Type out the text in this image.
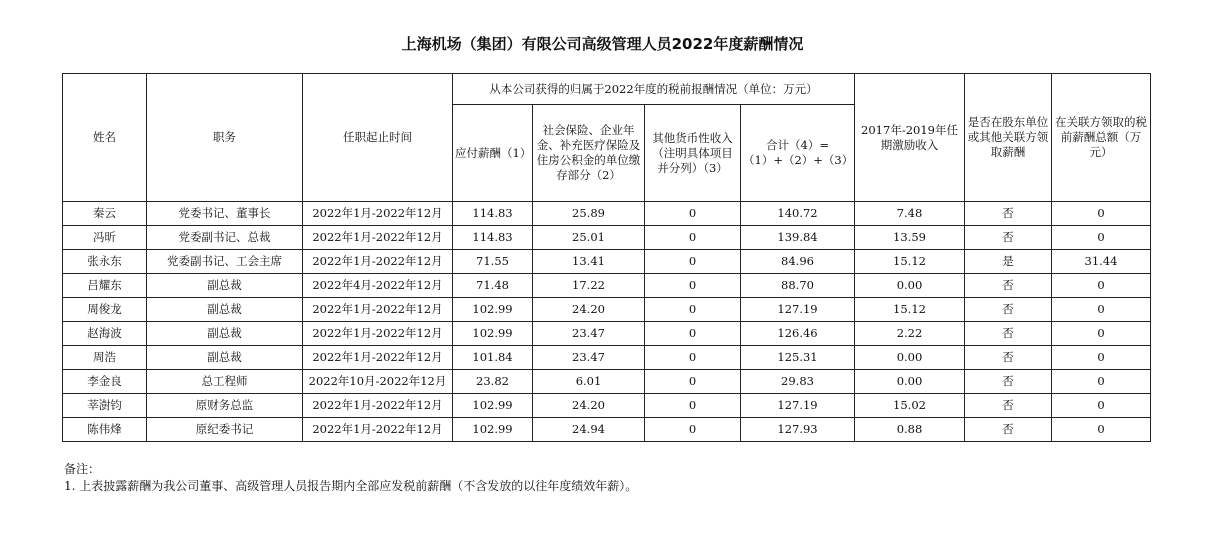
上海机场（集团）有限公司高级管理人员2022年度薪酬情况
姓名	职务	任职起止时间	从本公司获得的归属于2022年度的税前报酬情况（单位：万元）				2017年-2019年任期激励收入	是否在股东单位或其他关联方领取薪酬	在关联方领取的税前薪酬总额（万元）
			应付薪酬（1）	社会保险、企业年金、补充医疗保险及住房公积金的单位缴存部分（2）	其他货币性收入（注明具体项目并分列）（3）	合计（4）=（1）+（2）+（3）			
秦云	党委书记、董事长	2022年1月-2022年12月	114.83	25.89	0	140.72	7.48	否	0
冯昕	党委副书记、总裁	2022年1月-2022年12月	114.83	25.01	0	139.84	13.59	否	0
张永东	党委副书记、工会主席	2022年1月-2022年12月	71.55	13.41	0	84.96	15.12	是	31.44
吕耀东	副总裁	2022年4月-2022年12月	71.48	17.22	0	88.70	0.00	否	0
周俊龙	副总裁	2022年1月-2022年12月	102.99	24.20	0	127.19	15.12	否	0
赵海波	副总裁	2022年1月-2022年12月	102.99	23.47	0	126.46	2.22	否	0
周浩	副总裁	2022年1月-2022年12月	101.84	23.47	0	125.31	0.00	否	0
李金良	总工程师	2022年10月-2022年12月	23.82	6.01	0	29.83	0.00	否	0
莘澍钧	原财务总监	2022年1月-2022年12月	102.99	24.20	0	127.19	15.02	否	0
陈伟烽	原纪委书记	2022年1月-2022年12月	102.99	24.94	0	127.93	0.88	否	0
备注：
1. 上表披露薪酬为我公司董事、高级管理人员报告期内全部应发税前薪酬（不含发放的以往年度绩效年薪）。
